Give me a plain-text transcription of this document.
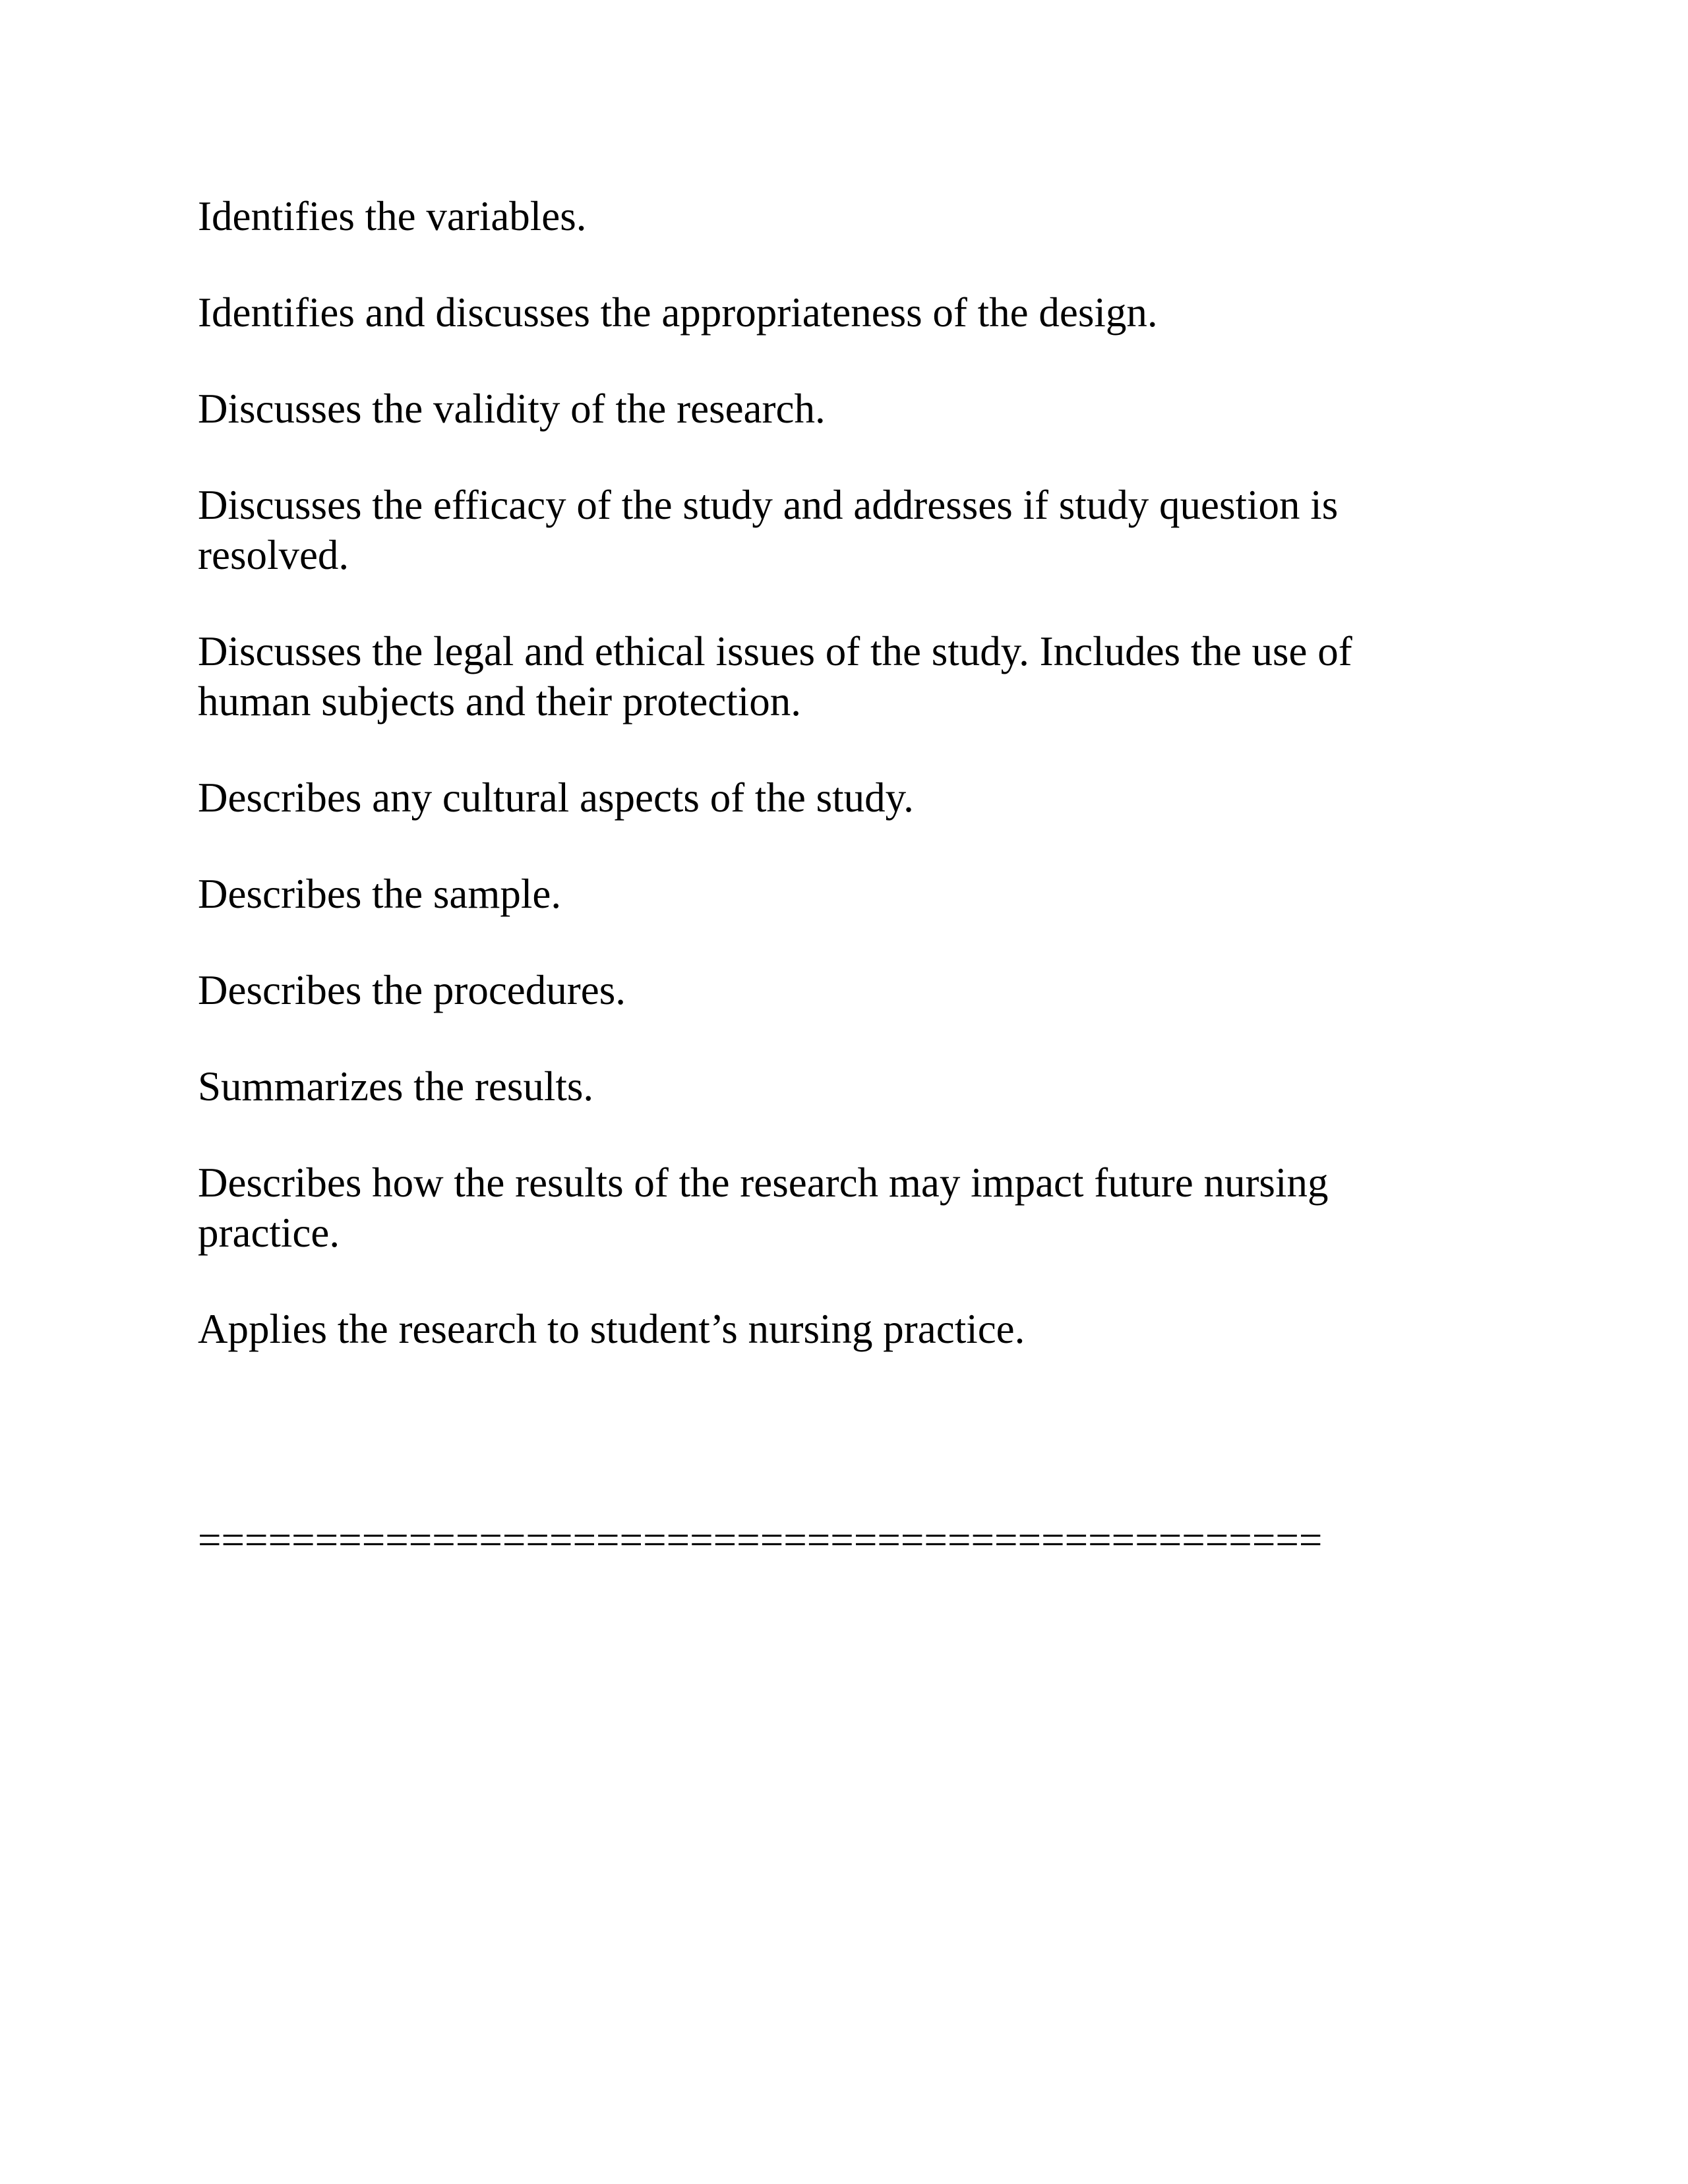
Identifies the variables.

Identifies and discusses the appropriateness of the design.

Discusses the validity of the research.

Discusses the efficacy of the study and addresses if study question is resolved.

Discusses the legal and ethical issues of the study. Includes the use of human subjects and their protection.

Describes any cultural aspects of the study.

Describes the sample.

Describes the procedures.

Summarizes the results.

Describes how the results of the research may impact future nursing practice.

Applies the research to student’s nursing practice.

================================================
